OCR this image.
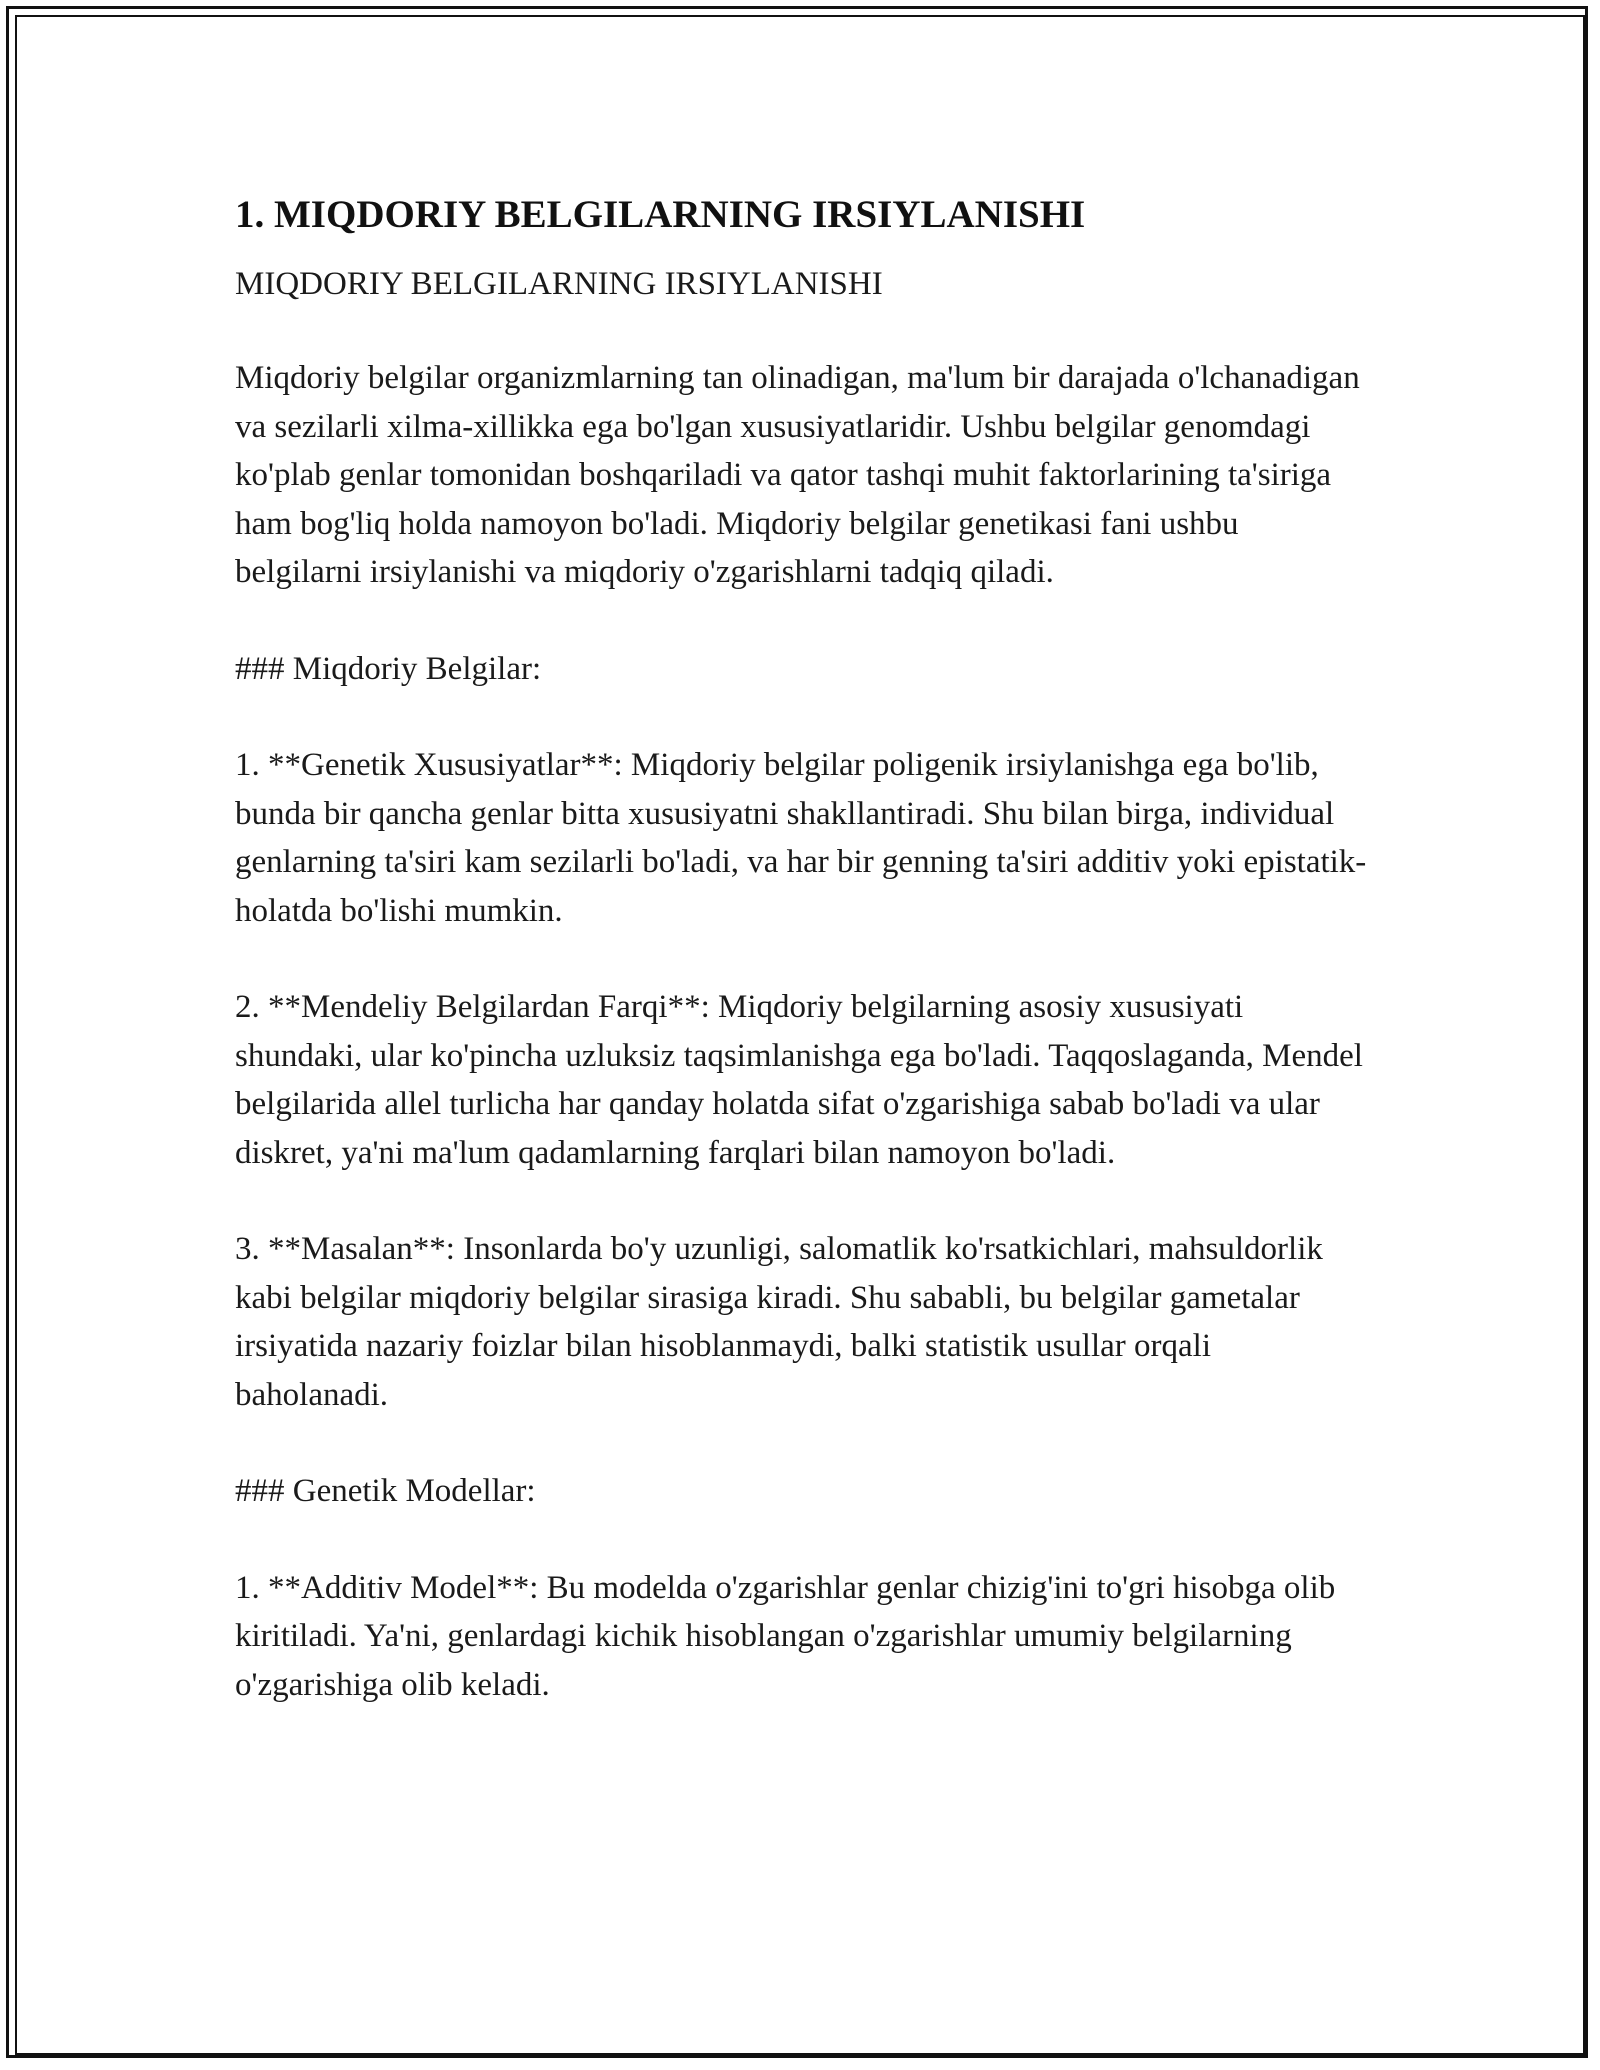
1. MIQDORIY BELGILARNING IRSIYLANISHI
MIQDORIY BELGILARNING IRSIYLANISHI

Miqdoriy belgilar organizmlarning tan olinadigan, ma'lum bir darajada o'lchanadigan va sezilarli xilma-xillikka ega bo'lgan xususiyatlaridir. Ushbu belgilar genomdagi ko'plab genlar tomonidan boshqariladi va qator tashqi muhit faktorlarining ta'siriga ham bog'liq holda namoyon bo'ladi. Miqdoriy belgilar genetikasi fani ushbu belgilarni irsiylanishi va miqdoriy o'zgarishlarni tadqiq qiladi.

### Miqdoriy Belgilar:

1. **Genetik Xususiyatlar**: Miqdoriy belgilar poligenik irsiylanishga ega bo'lib, bunda bir qancha genlar bitta xususiyatni shakllantiradi. Shu bilan birga, individual genlarning ta'siri kam sezilarli bo'ladi, va har bir genning ta'siri additiv yoki epistatik-holatda bo'lishi mumkin.

2. **Mendeliy Belgilardan Farqi**: Miqdoriy belgilarning asosiy xususiyati shundaki, ular ko'pincha uzluksiz taqsimlanishga ega bo'ladi. Taqqoslaganda, Mendel belgilarida allel turlicha har qanday holatda sifat o'zgarishiga sabab bo'ladi va ular diskret, ya'ni ma'lum qadamlarning farqlari bilan namoyon bo'ladi.

3. **Masalan**: Insonlarda bo'y uzunligi, salomatlik ko'rsatkichlari, mahsuldorlik kabi belgilar miqdoriy belgilar sirasiga kiradi. Shu sababli, bu belgilar gametalar irsiyatida nazariy foizlar bilan hisoblanmaydi, balki statistik usullar orqali baholanadi.

### Genetik Modellar:

1. **Additiv Model**: Bu modelda o'zgarishlar genlar chizig'ini to'gri hisobga olib kiritiladi. Ya'ni, genlardagi kichik hisoblangan o'zgarishlar umumiy belgilarning o'zgarishiga olib keladi.
